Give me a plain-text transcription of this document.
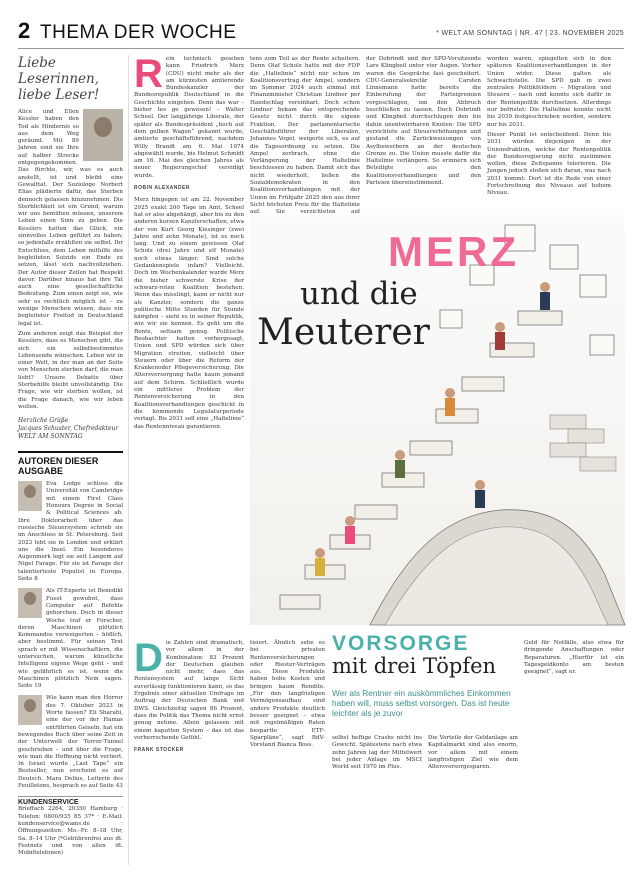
2 THEMA DER WOCHE	* WELT AM SONNTAG | NR. 47 | 23. NOVEMBER 2025
Liebe Leserinnen, liebe Leser!
Alice und Ellen Kessler haben den Tod als Hindernis so aus dem Weg geräumt. Mit 89 Jahren sind sie Ihre auf halber Strecke entgegengekommen. Das fürchte, wir, was es auch anstellt, ist und bleibt eine Gewalttat. Der Soziologe Norbert Elias plädierte dafür, das Sterben dennoch gelassen hinzunehmen. Die Sterblichkeit ist ein Grund, warum wir uns bemühen müssen, unserem Leben einen Sinn zu geben. Die Kesslers hatten das Glück, ein sinnvolles Leben geführt zu haben; so jedenfalls erzählten sie selbst. Ihr Entschluss, dem Leben mithilfe des begleiteten Suizids ein Ende zu setzen, lässt sich nachvollziehen. Der Autor dieser Zeilen hat Respekt davor. Darüber hinaus hat ihre Tat auch eine gesellschaftliche Bedeutung. Zum einen zeigt sie, wie sehr es rechtlich möglich ist – zu wenige Menschen wissen, dass ein begleiteter Freitod in Deutschland legal ist.
Zum anderen zeigt das Beispiel der Kesslers, dass es Menschen gibt, die sich ein selbstbestimmtes Lebensende wünschen. Leben wir in einer Welt, in der man an der Seite von Menschen sterben darf, die man liebt? Unsere Debatte über Sterbehilfe bleibt unvollständig. Die Frage, wie wir sterben wollen, ist die Frage danach, wie wir leben wollen.
Herzliche Grüße
Jacques Schuster, Chefredakteur WELT AM SONNTAG
AUTOREN DIESER AUSGABE
Eva Lodge schloss die Universität von Cambridge mit einem First Class Honours Degree in Social & Political Sciences ab. Ihre Doktorarbeit über das russische Steuersystem schrieb sie im Anschluss in St. Petersburg. Seit 2023 lebt sie in London und erklärt uns die Insel. Ein besonderes Augenmerk legt sie seit Langem auf Nigel Farage. Für sie ist Farage der talentierteste Populist in Europa. Seite 8
Als IT-Experte ist Benedikt Fuest gewohnt, dass Computer auf Befehle gehorchen. Doch in dieser Woche traf er Forscher, deren Maschinen plötzlich Kommandos verweigerten – höflich, aber bestimmt. Für seinen Text sprach er mit Wissenschaftlern, die untersuchen, warum künstliche Intelligenz eigene Wege geht – und wie gefährlich es ist, wenn die Maschinen plötzlich Nein sagen. Seite 19
Wie kann man den Horror des 7. Oktober 2023 in Worte fassen? Eli Sharabi, eine der vor der Hamas entführten Geiseln, hat ein bewegendes Buch über seine Zeit in der Unterwelt der Terror-Tunnel geschrieben – und über die Frage, wie man die Hoffnung nicht verliert. In Israel wurde „Last Tape“ ein Bestseller, nun erscheint es auf Deutsch. Mara Delius, Leiterin des Feuilletons, besprach es auf Seite 43
KUNDENSERVICE
Brieffach 2264, 20350 Hamburg · Telefon: 0800/935 85 37* · E-Mail: kundenservice@wams.de · Öffnungszeiten: Mo.–Fr. 8–18 Uhr, Sa. 8–14 Uhr (*Gebührenfrei aus dt. Festnetz und von allen dt. Mobiltelefonen)
R ein technisch gesehen kann Friedrich Merz (CDU) nicht mehr als der am kürzesten amtierende Bundeskanzler der Bundesrepublik Deutschland in die Geschichte eingehen. Denn das war – bisher tes ge gewesen! – Walter Scheel. Der langjährige Liberale, der später als Bundespräsident „hoch auf dem gelben Wagen“ gekannt wurde, amtierte geschäftsführend, nachdem Willy Brandt am 6. Mai 1974 abgewählt wurde, bis Helmut Schmidt am 16. Mai des gleichen Jahres als neuer Regierungschef vereidigt wurde.
ROBIN ALEXANDER
Merz hingegen ist am 22. November 2025 exakt 200 Tage im Amt. Scheel hat er also abgehängt, aber bis zu den anderen kurzen Kanzlerschaften, etwa der von Kurt Georg Kiesinger (zwei Jahre und zehn Monate), ist es noch lang. Und zu einem gewissen Olaf Scholz (drei Jahre und elf Monate) noch etwas länger. Sind solche Gedankenspiele infam? Vielleicht. Doch im Wochenkalender wurde Merz die bisher schwerste Krise der schwarz-roten Koalition bestehen. Wenn das misslingt, kann er nicht nur als Kanzler, sondern die ganze politische Mitte Stunden für Stunde kämpfen – sieht es in seiner Republik, wie wir sie kennen. Es geht um die Rente, seltsam genug. Politische Beobachter hatten vorhergesagt, Union und SPD würden sich über Migration streiten, vielleicht über Steuern oder über die Reform der Krankenoder Pflegeversicherung. Die Altersversorgung hatte kaum jemand auf dem Schirm. Schließlich wurde ein mittleres Problem der Rentenversicherung in den Koalitionsverhandlungen geschickt in die kommende Legislaturperiode vertagt. Bis 2031 soll eine „Haltelinie“ das Rentenniveau garantieren.
tens zum Teil as der Rente scheitern. Denn Olaf Scholz hatte mit der FDP die „Haltelinie“ nicht nur schon im Koalitionsvertrag der Ampel, sondern im Sommer 2024 auch einmal mit Finanzminister Christian Lindner per Handschlag vereinbart. Doch schon Lindner bekam das entsprechende Gesetz nicht durch die eigene Fraktion. Der parlamentarische Geschäftsführer der Liberalen, Johannes Vogel, weigerte sich, es auf die Tagesordnung zu setzen. Die Ampel zerbrach, ohne die Verlängerung der Haltelinie beschlossen zu haben. Damit sich das nicht wiederholt, ließen die Sozialdemokraten in den Koalitionsverhandlungen mit der Union im Frühjahr 2025 den aus ihrer Sicht höchsten Preis für die Haltelinie auf. Sie verzichteten auf
der Dobrindt und der SPD-Vorsitzende Lars Klingbeil unter vier Augen. Vorher waren die Gespräche fast gescheitert. CDU-Generalsekretär Carsten Linnemann hatte bereits die Einberufung der Parteigremien vorgeschlagen, um den Abbruch beschließen zu lassen. Doch Dobrindt und Klingbeil durchschlugen den bis dahin unentwirrbaren Knoten: Die SPD verzichtete auf Steuererhöhungen und gestand die Zurückweisungen von Asylbewerbern an der deutschen Grenze zu. Die Union musste dafür die Haltelinie verlängern. So erinnern sich Beteiligte aus den Koalitionsverhandlungen und den Parteien übereinstimmend.
worden waren, spiegelten sich in den späteren Koalitionsverhandlungen in der Union wider. Diese galten als Schwachstelle. Die SPD gab in zwei zentralen Politikfeldern – Migration und Steuern – nach und konnte sich dafür in der Rentenpolitik durchsetzen. Allerdings nur befristet: Die Haltelinie konnte nicht bis 2039 festgeschrieben werden, sondern nur bis 2031.
Dieser Punkt ist entscheidend. Denn bis 2031 würden diejenigen in der Unionsfraktion, welche der Rentenpolitik der Bundesregierung nicht zustimmen wollen, diese Zeitspanne tolerieren. Die Jungen jedoch stoßen sich daran, was nach 2031 kommt: Dort ist die Rede von einer Fortschreibung des Niveaus auf hohem Niveau.
MERZ
und die
Meuterer
VORSORGE
mit drei Töpfen
Wer als Rentner ein auskömmliches Einkommen haben will, muss selbst vorsorgen. Das ist heute leichter als je zuvor
D ie Zahlen sind dramatisch, vor allem in der Kombination: 83 Prozent der Deutschen glauben nicht mehr, dass das Rentensystem auf lange Sicht zuverlässig funktionieren kann, so das Ergebnis einer aktuellen Umfrage im Auftrag der Deutschen Bank und DWS. Gleichzeitig sagen 86 Prozent, dass die Politik das Thema nicht ernst genug nehme. Allein gelassen mit einem kaputten System – das ist das vorherrschende Gefühl.
FRANK STOCKER
tisiert. Ähnlich sehe es bei privaten Rentenversicherungen oder Riester-Verträgen aus. Diese Produkte haben hohe Kosten und bringen kaum Rendite. „Für den langfristigen Vermögensaufbau sind andere Produkte deutlich besser geeignet – etwa mit regelmäßigen Raten bespartte ETF-Sparpläne“, sagt BdV-Vorstand Bianca Boss.
selbst heftige Crashs nicht ins Gewicht. Spätestens nach etwa zehn Jahren lag der Mittelwert bei jeder Anlage im MSCI World seit 1970 im Plus.
Die Vorteile der Geldanlage am Kapitalmarkt sind also enorm, vor allem mit einem langfristigen Ziel wie dem Altersvorsorgesparen.
Geld für Notfälle, also etwa für dringende Anschaffungen oder Reparaturen. „Hierfür ist ein Tagesgeldkonto am besten geeignet“, sagt er.
